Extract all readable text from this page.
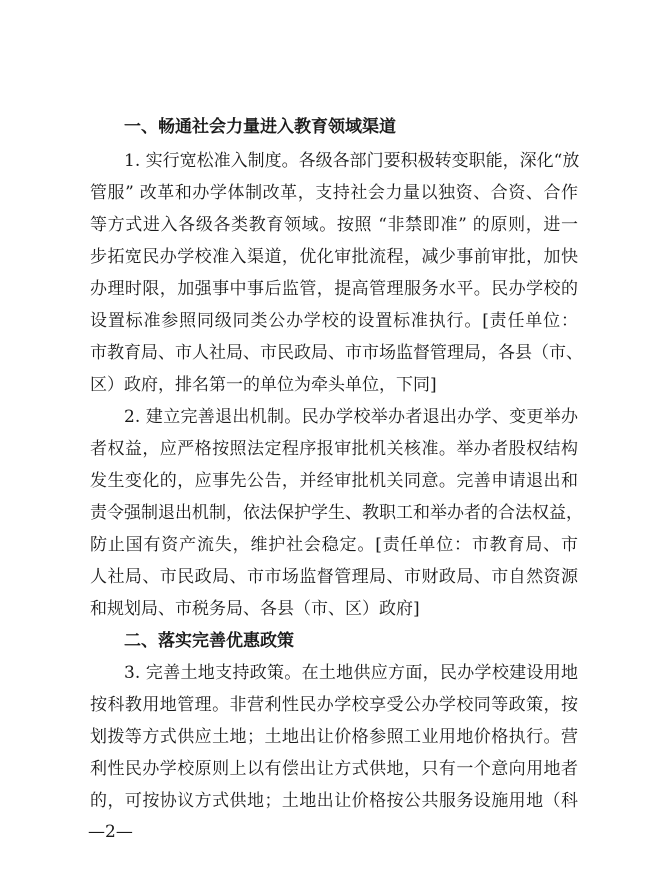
一、畅通社会力量进入教育领域渠道
1. 实行宽松准入制度。各级各部门要积极转变职能，深化“放
管服” 改革和办学体制改革，支持社会力量以独资、合资、合作
等方式进入各级各类教育领域。按照 “非禁即准” 的原则，进一
步拓宽民办学校准入渠道，优化审批流程，减少事前审批，加快
办理时限，加强事中事后监管，提高管理服务水平。民办学校的
设置标准参照同级同类公办学校的设置标准执行。[责任单位：
市教育局、市人社局、市民政局、市市场监督管理局，各县（市、
区）政府，排名第一的单位为牵头单位，下同]
2. 建立完善退出机制。民办学校举办者退出办学、变更举办
者权益，应严格按照法定程序报审批机关核准。举办者股权结构
发生变化的，应事先公告，并经审批机关同意。完善申请退出和
责令强制退出机制，依法保护学生、教职工和举办者的合法权益，
防止国有资产流失，维护社会稳定。[责任单位：市教育局、市
人社局、市民政局、市市场监督管理局、市财政局、市自然资源
和规划局、市税务局、各县（市、区）政府]
二、落实完善优惠政策
3. 完善土地支持政策。在土地供应方面，民办学校建设用地
按科教用地管理。非营利性民办学校享受公办学校同等政策，按
划拨等方式供应土地；土地出让价格参照工业用地价格执行。营
利性民办学校原则上以有偿出让方式供地，只有一个意向用地者
的，可按协议方式供地；土地出让价格按公共服务设施用地（科
—2—
